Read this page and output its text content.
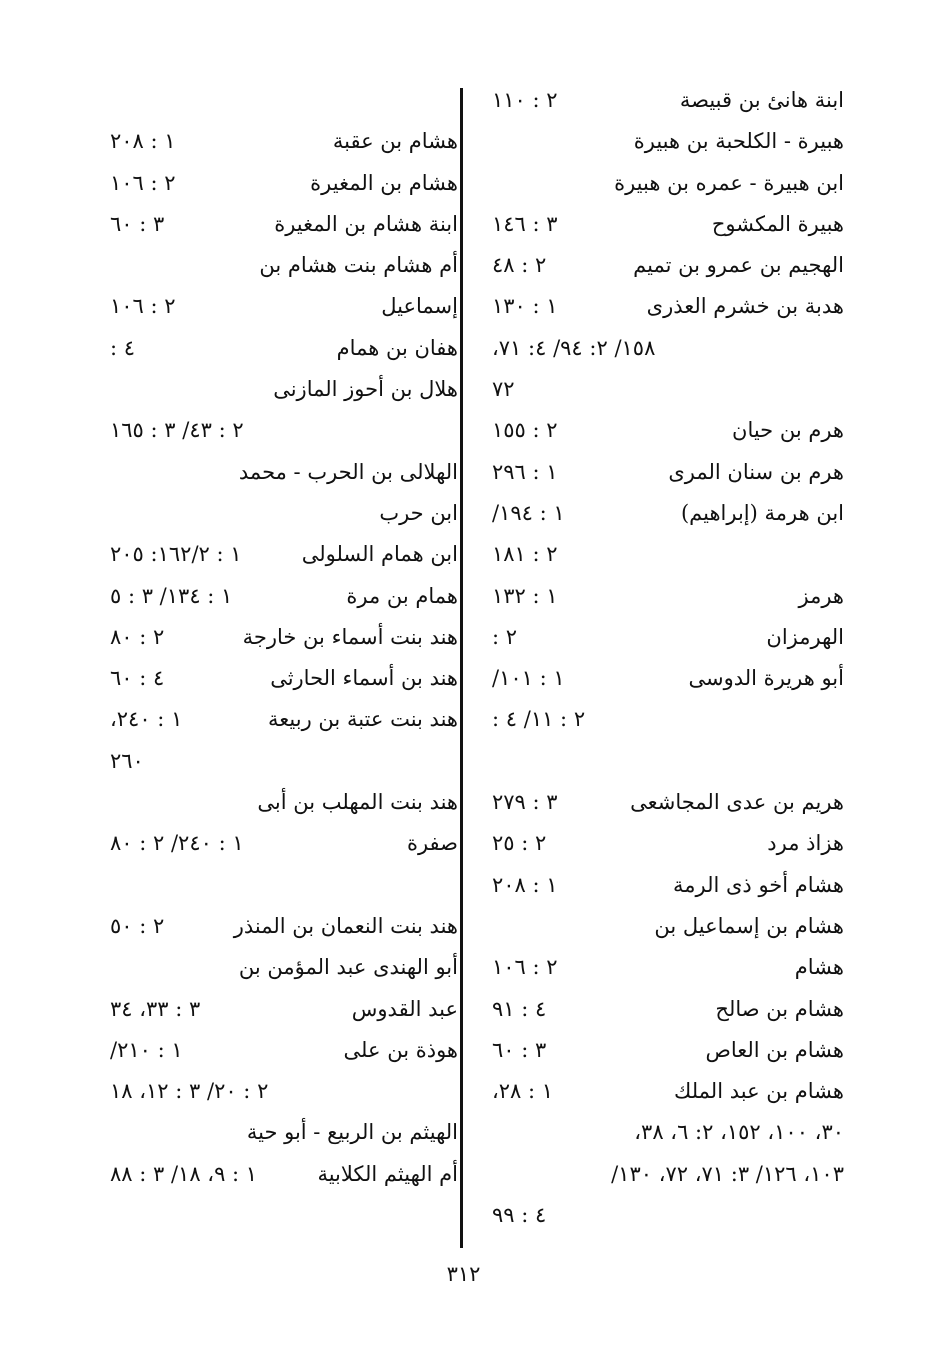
ابنة هانئ بن قبيصة
٢ : ١١٠
هبيرة - الكلحبة بن هبيرة
ابن هبيرة - عمره بن هبيرة
هبيرة المكشوح
٣ : ١٤٦
الهجيم بن عمرو بن تميم
٢ : ٤٨
هدبة بن خشرم العذرى
١ : ١٣٠
١٥٨/ ٢: ٩٤/ ٤: ٧١،
٧٢
هرم بن حيان
٢ : ١٥٥
هرم بن سنان المرى
١ : ٢٩٦
ابن هرمة (إبراهيم)
١ : ١٩٤/
٢ : ١٨١
هرمز
١ : ١٣٢
الهرمزان
٢ :
أبو هريرة الدوسى
١ : ١٠١/
٢ : ١١/ ٤ :
هريم بن عدى المجاشعى
٣ : ٢٧٩
هزاذ مرد
٢ : ٢٥
هشام أخو ذى الرمة
١ : ٢٠٨
هشام بن إسماعيل بن
هشام
٢ : ١٠٦
هشام بن صالح
٤ : ٩١
هشام بن العاص
٣ : ٦٠
هشام بن عبد الملك
١ : ٢٨،
٣٠، ١٠٠، ١٥٢، ٢: ٦، ٣٨،
١٠٣، ١٢٦/ ٣: ٧١، ٧٢، ١٣٠/
٤ : ٩٩
هشام بن عقبة
١ : ٢٠٨
هشام بن المغيرة
٢ : ١٠٦
ابنة هشام بن المغيرة
٣ : ٦٠
أم هشام بنت هشام بن
إسماعيل
٢ : ١٠٦
هفان بن همام
٤ :
هلال بن أحوز المازنى
٢ : ٤٣/ ٣ : ١٦٥
الهلالى بن الحرب - محمد
ابن حرب
ابن همام السلولى
١ : ١٦٢/٢: ٢٠٥
همام بن مرة
١ : ١٣٤/ ٣ : ٥
هند بنت أسماء بن خارجة
٢ : ٨٠
هند بن أسماء الحارثى
٤ : ٦٠
هند بنت عتبة بن ربيعة
١ : ٢٤٠،
٢٦٠
هند بنت المهلب بن أبى
صفرة
١ : ٢٤٠/ ٢ : ٨٠
هند بنت النعمان بن المنذر
٢ : ٥٠
أبو الهندى عبد المؤمن بن
عبد القدوس
٣ : ٣٣، ٣٤
هوذة بن على
١ : ٢١٠/
٢ : ٢٠/ ٣ : ١٢، ١٨
الهيثم بن الربيع - أبو حية
أم الهيثم الكلابية
١ : ٩، ١٨/ ٣ : ٨٨
٣١٢
